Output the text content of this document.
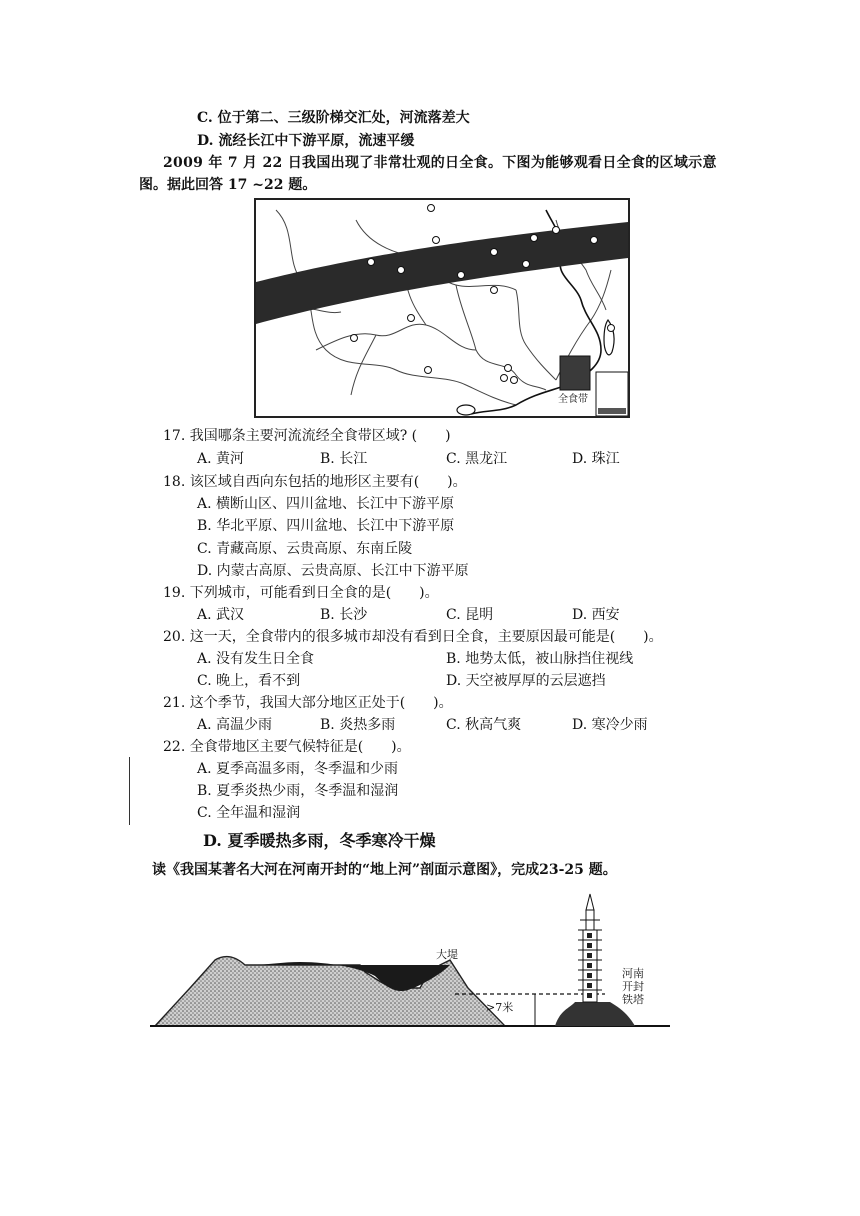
C. 位于第二、三级阶梯交汇处，河流落差大
D. 流经长江中下游平原，流速平缓
2009 年 7 月 22 日我国出现了非常壮观的日全食。下图为能够观看日全食的区域示意
图。据此回答 17 ~22 题。
全食带
17. 我国哪条主要河流流经全食带区域? (　　)
A. 黄河	B. 长江	C. 黑龙江	D. 珠江
18. 该区域自西向东包括的地形区主要有(　　)。
A. 横断山区、四川盆地、长江中下游平原
B. 华北平原、四川盆地、长江中下游平原
C. 青藏高原、云贵高原、东南丘陵
D. 内蒙古高原、云贵高原、长江中下游平原
19. 下列城市，可能看到日全食的是(　　)。
A. 武汉	B. 长沙	C. 昆明	D. 西安
20. 这一天，全食带内的很多城市却没有看到日全食，主要原因最可能是(　　)。
A. 没有发生日全食	B. 地势太低，被山脉挡住视线
C. 晚上，看不到	D. 天空被厚厚的云层遮挡
21. 这个季节，我国大部分地区正处于(　　)。
A. 高温少雨	B. 炎热多雨	C. 秋高气爽	D. 寒冷少雨
22. 全食带地区主要气候特征是(　　)。
A. 夏季高温多雨，冬季温和少雨
B. 夏季炎热少雨，冬季温和湿润
C. 全年温和湿润
D. 夏季暖热多雨，冬季寒冷干燥
读《我国某著名大河在河南开封的“地上河”剖面示意图》，完成23-25 题。
大堤
>7米
河南
开封
铁塔
